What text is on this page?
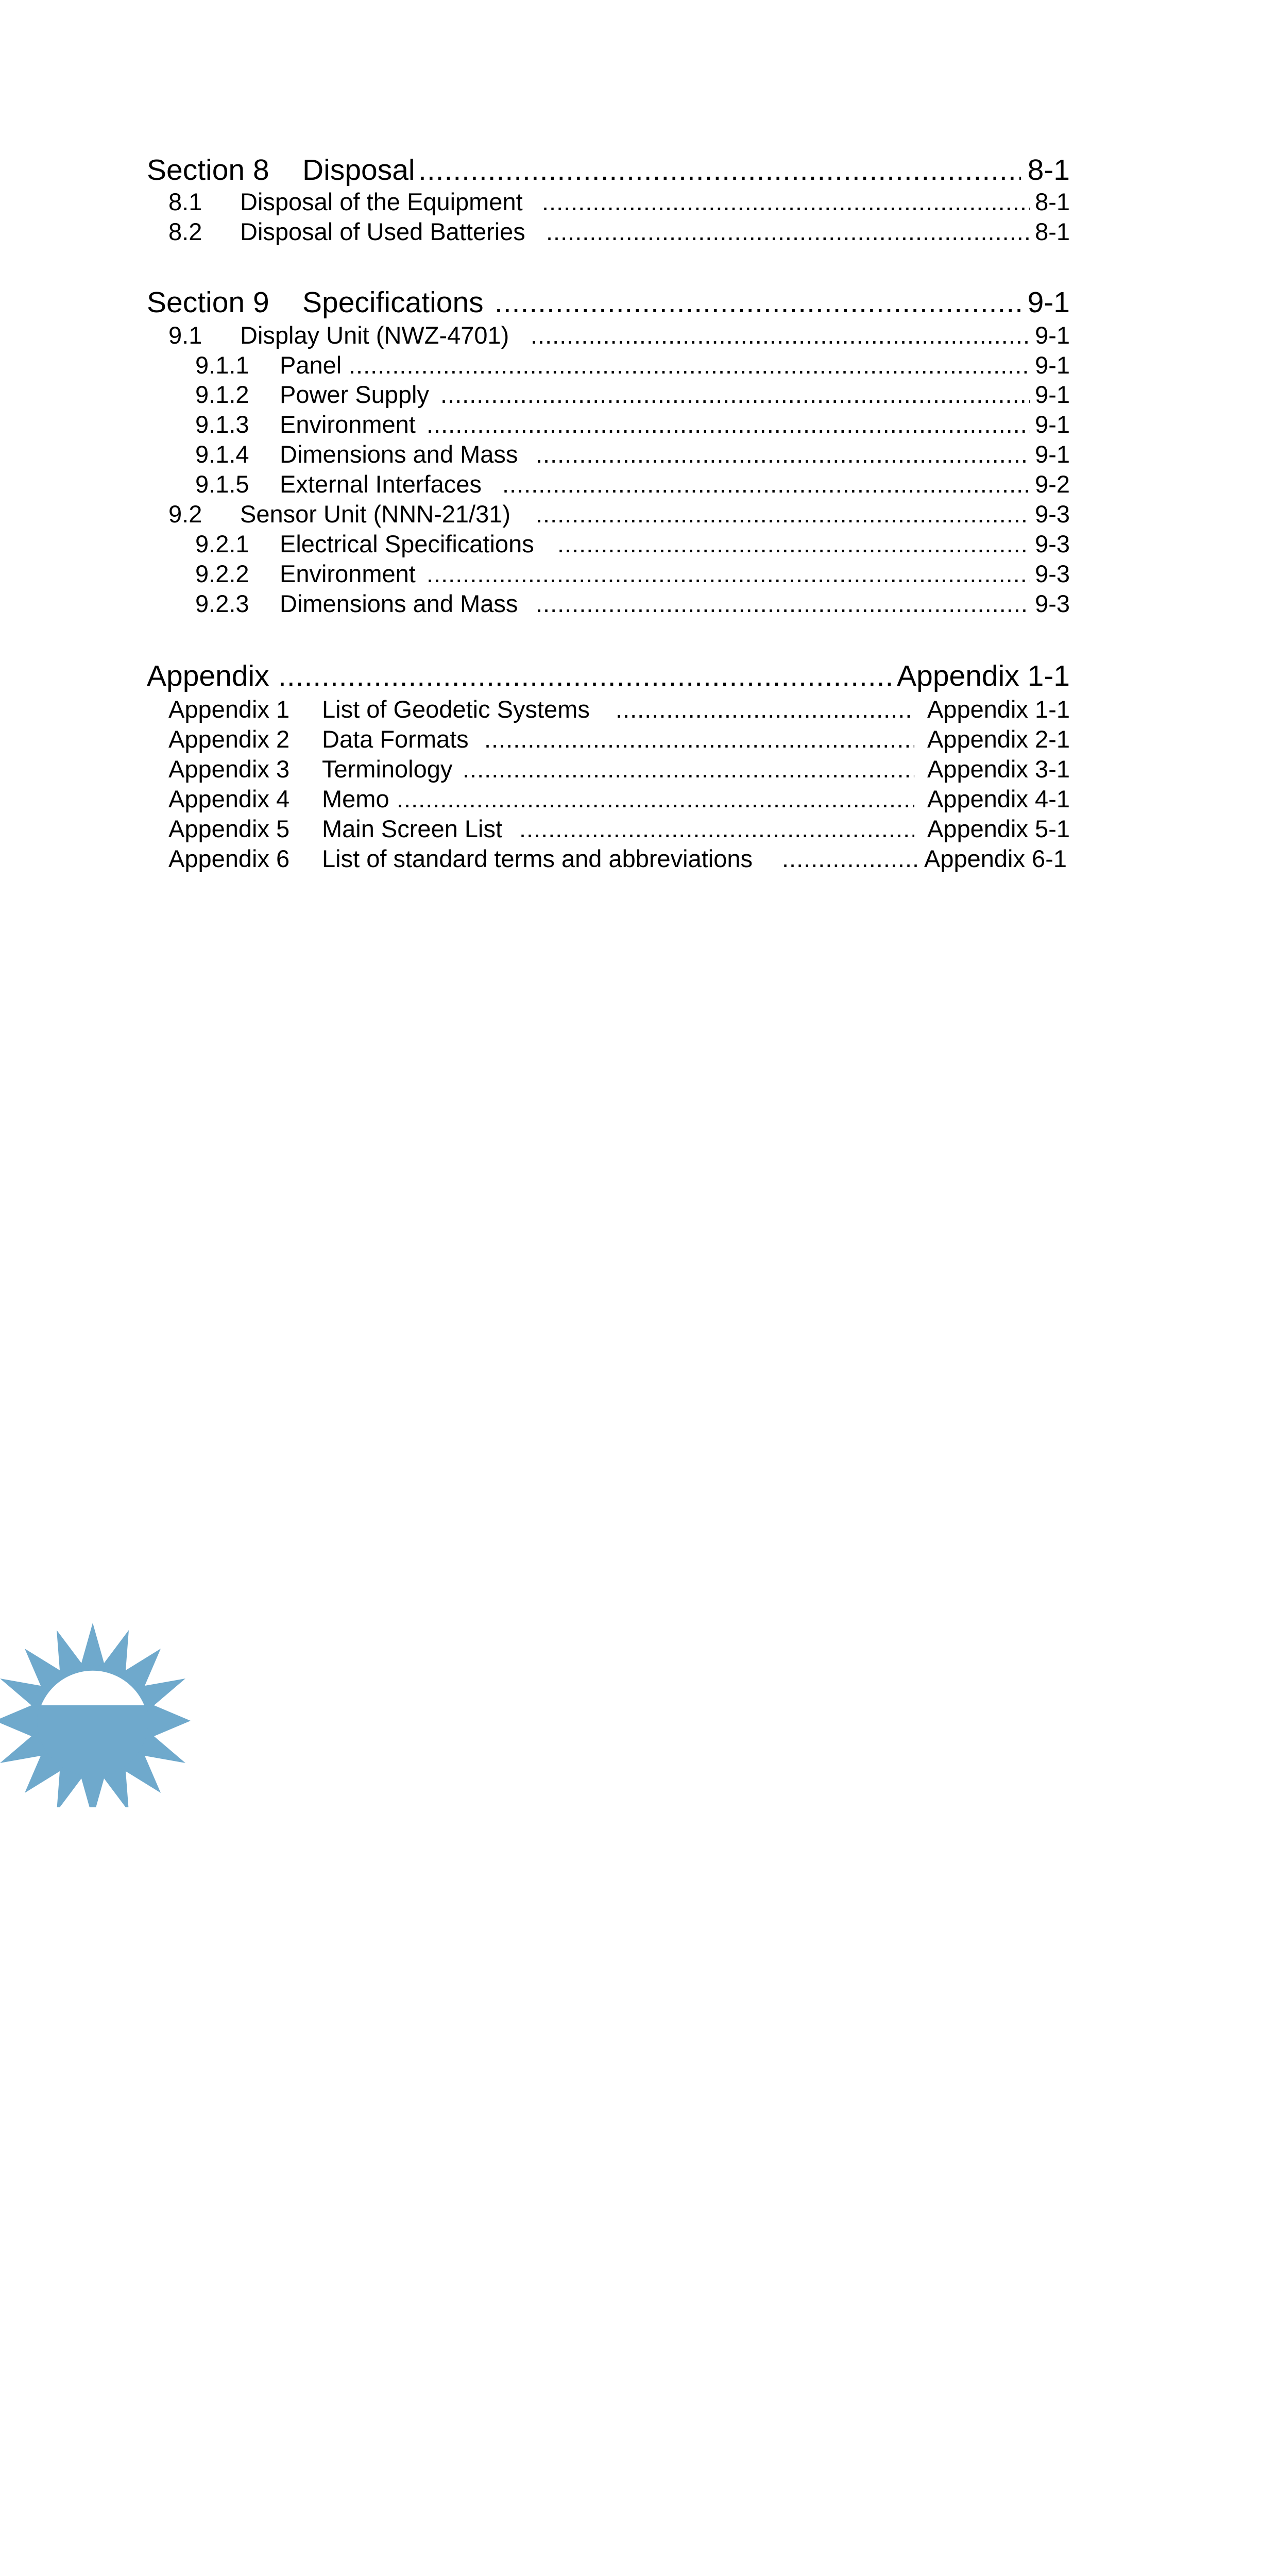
Section 8 Disposal .....	8-1
8.1 Disposal of the Equipment .....	8-1
8.2 Disposal of Used Batteries .....	8-1
Section 9 Specifications .....	9-1
9.1 Display Unit (NWZ-4701) .....	9-1
9.1.1 Panel .....	9-1
9.1.2 Power Supply .....	9-1
9.1.3 Environment .....	9-1
9.1.4 Dimensions and Mass .....	9-1
9.1.5 External Interfaces .....	9-2
9.2 Sensor Unit (NNN-21/31) .....	9-3
9.2.1 Electrical Specifications .....	9-3
9.2.2 Environment .....	9-3
9.2.3 Dimensions and Mass .....	9-3
Appendix .....	Appendix 1-1
Appendix 1 List of Geodetic Systems .....	Appendix 1-1
Appendix 2 Data Formats .....	Appendix 2-1
Appendix 3 Terminology .....	Appendix 3-1
Appendix 4 Memo .....	Appendix 4-1
Appendix 5 Main Screen List .....	Appendix 5-1
Appendix 6 List of standard terms and abbreviations .....	Appendix 6-1
